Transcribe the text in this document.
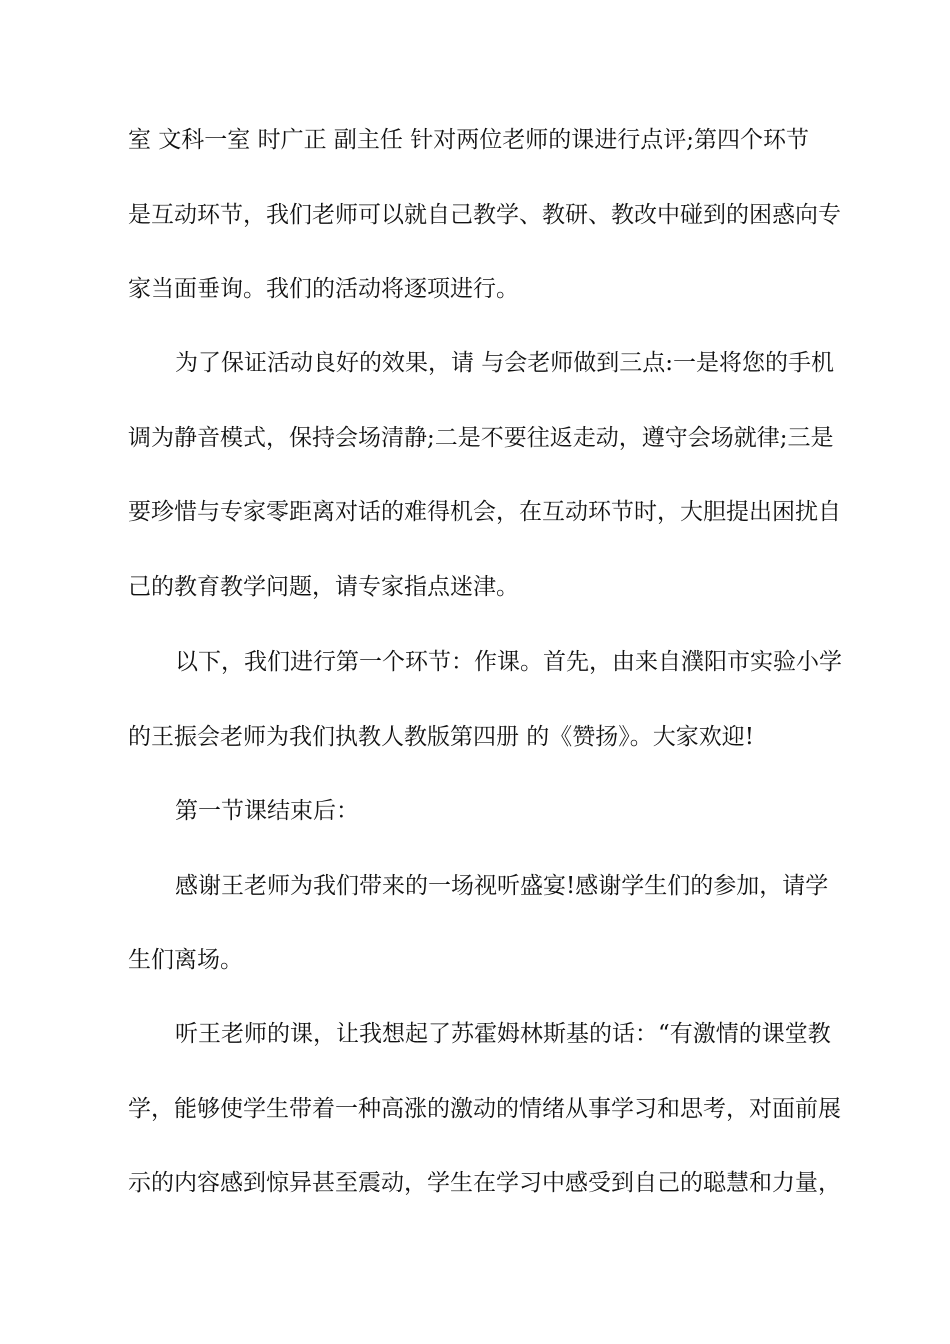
室 文科一室 时广正 副主任 针对两位老师的课进行点评;第四个环节
是互动环节，我们老师可以就自己教学、教研、教改中碰到的困惑向专
家当面垂询。我们的活动将逐项进行。
为了保证活动良好的效果，请 与会老师做到三点:一是将您的手机
调为静音模式，保持会场清静;二是不要往返走动，遵守会场就律;三是
要珍惜与专家零距离对话的难得机会，在互动环节时，大胆提出困扰自
己的教育教学问题，请专家指点迷津。
以下，我们进行第一个环节：作课。首先，由来自濮阳市实验小学
的王振会老师为我们执教人教版第四册 的《赞扬》。大家欢迎!
第一节课结束后：
感谢王老师为我们带来的一场视听盛宴!感谢学生们的参加，请学
生们离场。
听王老师的课，让我想起了苏霍姆林斯基的话：“有激情的课堂教
学，能够使学生带着一种高涨的激动的情绪从事学习和思考，对面前展
示的内容感到惊异甚至震动，学生在学习中感受到自己的聪慧和力量，
